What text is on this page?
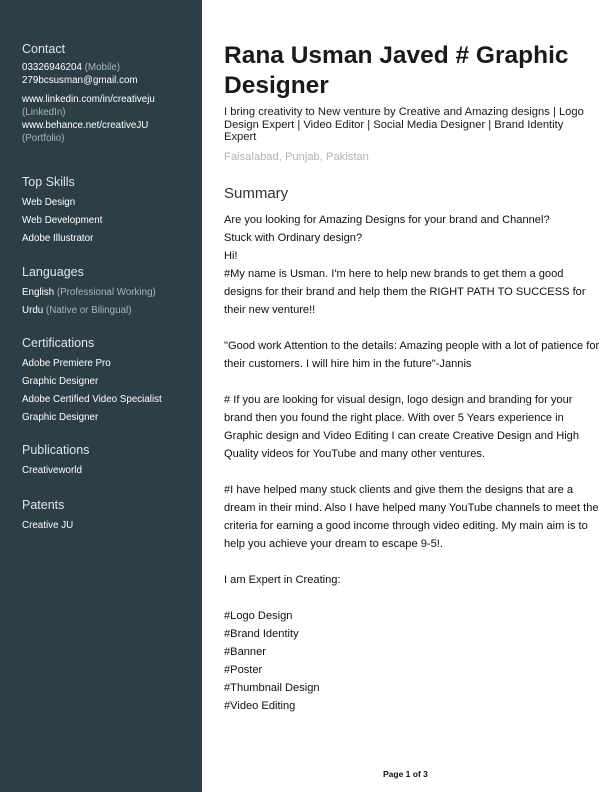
Contact
03326946204 (Mobile)
279bcsusman@gmail.com
www.linkedin.com/in/creativeju
(LinkedIn)
www.behance.net/creativeJU
(Portfolio)
Top Skills
Web Design
Web Development
Adobe Illustrator
Languages
English (Professional Working)
Urdu (Native or Bilingual)
Certifications
Adobe Premiere Pro
Graphic Designer
Adobe Certified Video Specialist
Graphic Designer
Publications
Creativeworld
Patents
Creative JU
Rana Usman Javed # Graphic Designer
I bring creativity to New venture by Creative and Amazing designs | Logo Design Expert | Video Editor | Social Media Designer | Brand Identity Expert
Faisalabad, Punjab, Pakistan
Summary

Are you looking for Amazing Designs for your brand and Channel?
Stuck with Ordinary design?
Hi!
#My name is Usman. I'm here to help new brands to get them a good designs for their brand and help them the RIGHT PATH TO SUCCESS for their new venture!!

"Good work Attention to the details: Amazing people with a lot of patience for their customers. I will hire him in the future"-Jannis

# If you are looking for visual design, logo design and branding for your brand then you found the right place. With over 5 Years experience in Graphic design and Video Editing I can create Creative Design and High Quality videos for YouTube and many other ventures.

#I have helped many stuck clients and give them the designs that are a dream in their mind. Also I have helped many YouTube channels to meet the criteria for earning a good income through video editing. My main aim is to help you achieve your dream to escape 9-5!.

I am Expert in Creating:

#Logo Design
#Brand Identity
#Banner
#Poster
#Thumbnail Design
#Video Editing

Page 1 of 3
